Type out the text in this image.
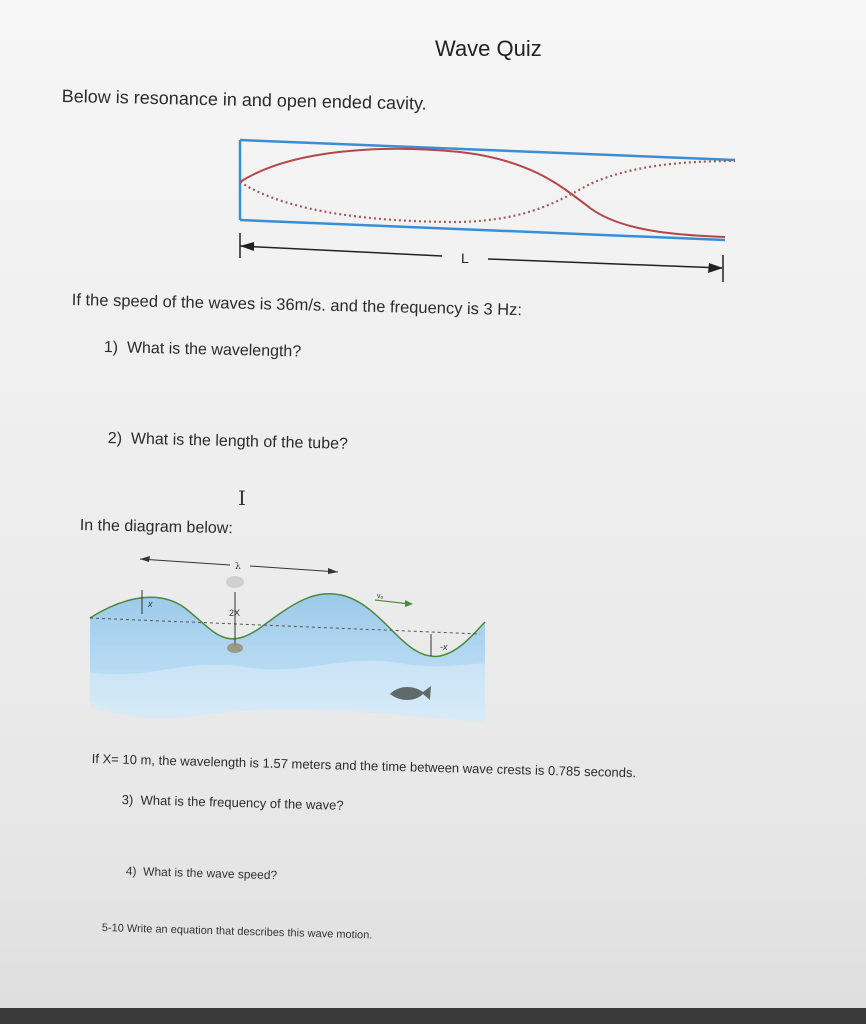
Wave Quiz
Below is resonance in and open ended cavity.
L
If the speed of the waves is 36m/s. and the frequency is 3 Hz:
1)  What is the wavelength?
2)  What is the length of the tube?
I
In the diagram below:
λ
x
2X
-x
vₐ
If X= 10 m, the wavelength is 1.57 meters and the time between wave crests is 0.785 seconds.
3)  What is the frequency of the wave?
4)  What is the wave speed?
5-10 Write an equation that describes this wave motion.
